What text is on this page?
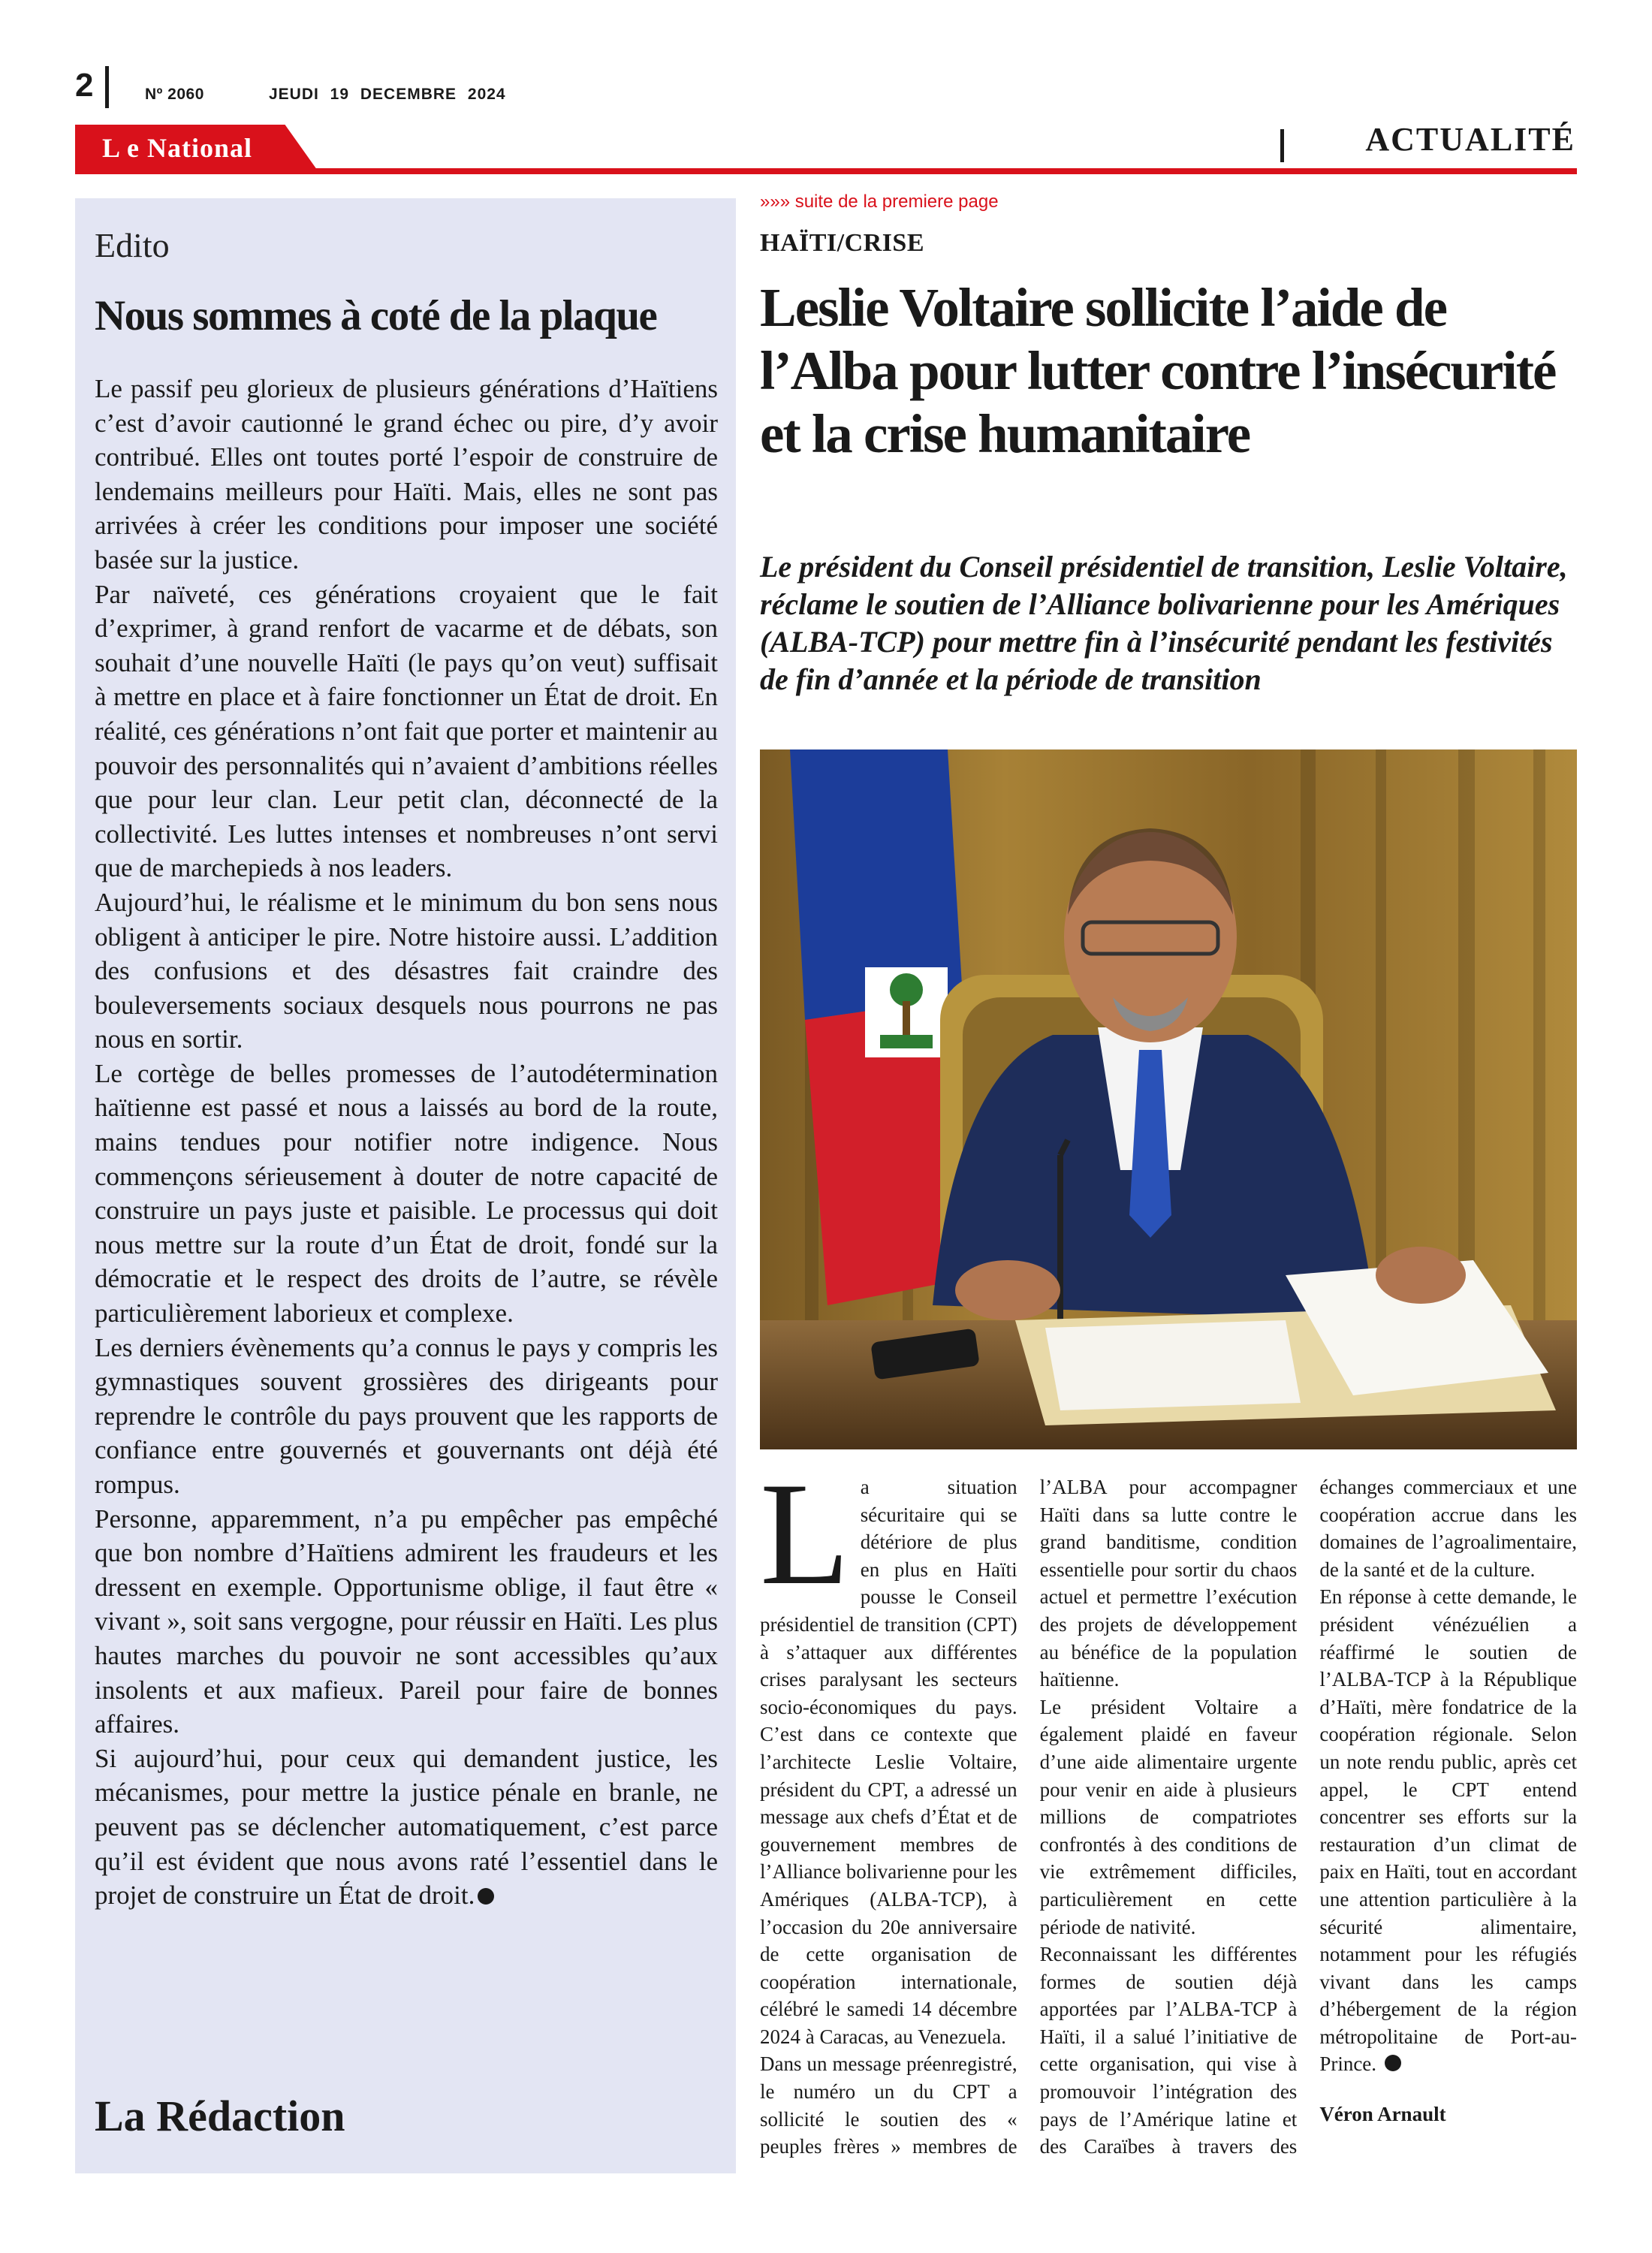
2	Nº 2060	JEUDI 19 DECEMBRE 2024
L e National	ACTUALITÉ
Edito
Nous sommes à coté de la plaque

Le passif peu glorieux de plusieurs générations d’Haïtiens c’est d’avoir cautionné le grand échec ou pire, d’y avoir contribué. Elles ont toutes porté l’espoir de construire de lendemains meilleurs pour Haïti. Mais, elles ne sont pas arrivées à créer les conditions pour imposer une société basée sur la justice.

Par naïveté, ces générations croyaient que le fait d’exprimer, à grand renfort de vacarme et de débats, son souhait d’une nouvelle Haïti (le pays qu’on veut) suffisait à mettre en place et à faire fonctionner un État de droit. En réalité, ces générations n’ont fait que porter et maintenir au pouvoir des personnalités qui n’avaient d’ambitions réelles que pour leur clan. Leur petit clan, déconnecté de la collectivité. Les luttes intenses et nombreuses n’ont servi que de marchepieds à nos leaders.

Aujourd’hui, le réalisme et le minimum du bon sens nous obligent à anticiper le pire. Notre histoire aussi. L’addition des confusions et des désastres fait craindre des bouleversements sociaux desquels nous pourrons ne pas nous en sortir.

Le cortège de belles promesses de l’autodétermination haïtienne est passé et nous a laissés au bord de la route, mains tendues pour notifier notre indigence. Nous commençons sérieusement à douter de notre capacité de construire un pays juste et paisible. Le processus qui doit nous mettre sur la route d’un État de droit, fondé sur la démocratie et le respect des droits de l’autre, se révèle particulièrement laborieux et complexe.

Les derniers évènements qu’a connus le pays y compris les gymnastiques souvent grossières des dirigeants pour reprendre le contrôle du pays prouvent que les rapports de confiance entre gouvernés et gouvernants ont déjà été rompus.

Personne, apparemment, n’a pu empêcher pas empêché que bon nombre d’Haïtiens admirent les fraudeurs et les dressent en exemple. Opportunisme oblige, il faut être « vivant », soit sans vergogne, pour réussir en Haïti. Les plus hautes marches du pouvoir ne sont accessibles qu’aux insolents et aux mafieux. Pareil pour faire de bonnes affaires.

Si aujourd’hui, pour ceux qui demandent justice, les mécanismes, pour mettre la justice pénale en branle, ne peuvent pas se déclencher automatiquement, c’est parce qu’il est évident que nous avons raté l’essentiel dans le projet de construire un État de droit.

La Rédaction
»»» suite de la premiere page
HAÏTI/CRISE
Leslie Voltaire sollicite l’aide de l’Alba pour lutter contre l’insécurité et la crise humanitaire

Le président du Conseil présidentiel de transition, Leslie Voltaire, réclame le soutien de l’Alliance bolivarienne pour les Amériques (ALBA-TCP) pour mettre fin à l’insécurité pendant les festivités de fin d’année et la période de transition

La situation sécuritaire qui se détériore de plus en plus en Haïti pousse le Conseil présidentiel de transition (CPT) à s’attaquer aux différentes crises paralysant les secteurs socio-économiques du pays. C’est dans ce contexte que l’architecte Leslie Voltaire, président du CPT, a adressé un message aux chefs d’État et de gouvernement membres de l’Alliance bolivarienne pour les Amériques (ALBA-TCP), à l’occasion du 20e anniversaire de cette organisation de coopération internationale, célébré le samedi 14 décembre 2024 à Caracas, au Venezuela.

Dans un message préenregistré, le numéro un du CPT a sollicité le soutien des « peuples frères » membres de l’ALBA pour accompagner Haïti dans sa lutte contre le grand banditisme, condition essentielle pour sortir du chaos actuel et permettre l’exécution des projets de développement au bénéfice de la population haïtienne.

Le président Voltaire a également plaidé en faveur d’une aide alimentaire urgente pour venir en aide à plusieurs millions de compatriotes confrontés à des conditions de vie extrêmement difficiles, particulièrement en cette période de nativité.

Reconnaissant les différentes formes de soutien déjà apportées par l’ALBA-TCP à Haïti, il a salué l’initiative de cette organisation, qui vise à promouvoir l’intégration des pays de l’Amérique latine et des Caraïbes à travers des échanges commerciaux et une coopération accrue dans les domaines de l’agroalimentaire, de la santé et de la culture.

En réponse à cette demande, le président vénézuélien a réaffirmé le soutien de l’ALBA-TCP à la République d’Haïti, mère fondatrice de la coopération régionale. Selon un note rendu public, après cet appel, le CPT entend concentrer ses efforts sur la restauration d’un climat de paix en Haïti, tout en accordant une attention particulière à la sécurité alimentaire, notamment pour les réfugiés vivant dans les camps d’hébergement de la région métropolitaine de Port-au-Prince.

Véron Arnault
